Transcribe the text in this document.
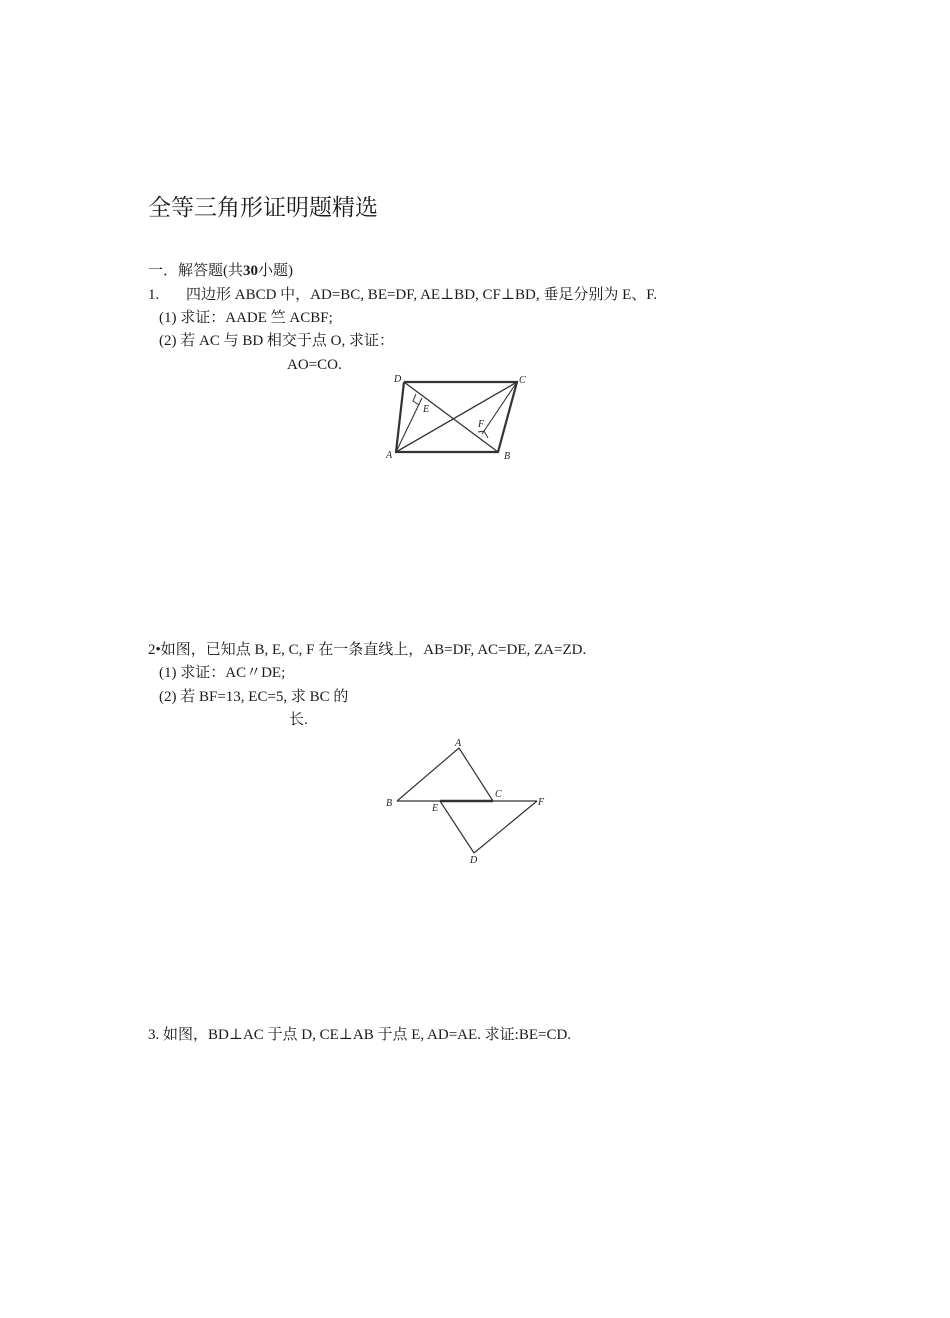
全等三角形证明题精选
一．解答题(共30小题)
1. 四边形 ABCD 中，AD=BC, BE=DF, AE⊥BD, CF⊥BD, 垂足分别为 E、F.
(1) 求证：AADE 竺 ACBF;
(2) 若 AC 与 BD 相交于点 O, 求证：
AO=CO.
D	C
A	B
E
F
2•如图，已知点 B, E, C, F 在一条直线上，AB=DF, AC=DE, ZA=ZD.
(1) 求证：AC〃DE;
(2) 若 BF=13, EC=5, 求 BC 的
长.
A
B	E
C
F
D
3. 如图，BD⊥AC 于点 D, CE⊥AB 于点 E, AD=AE. 求证:BE=CD.
